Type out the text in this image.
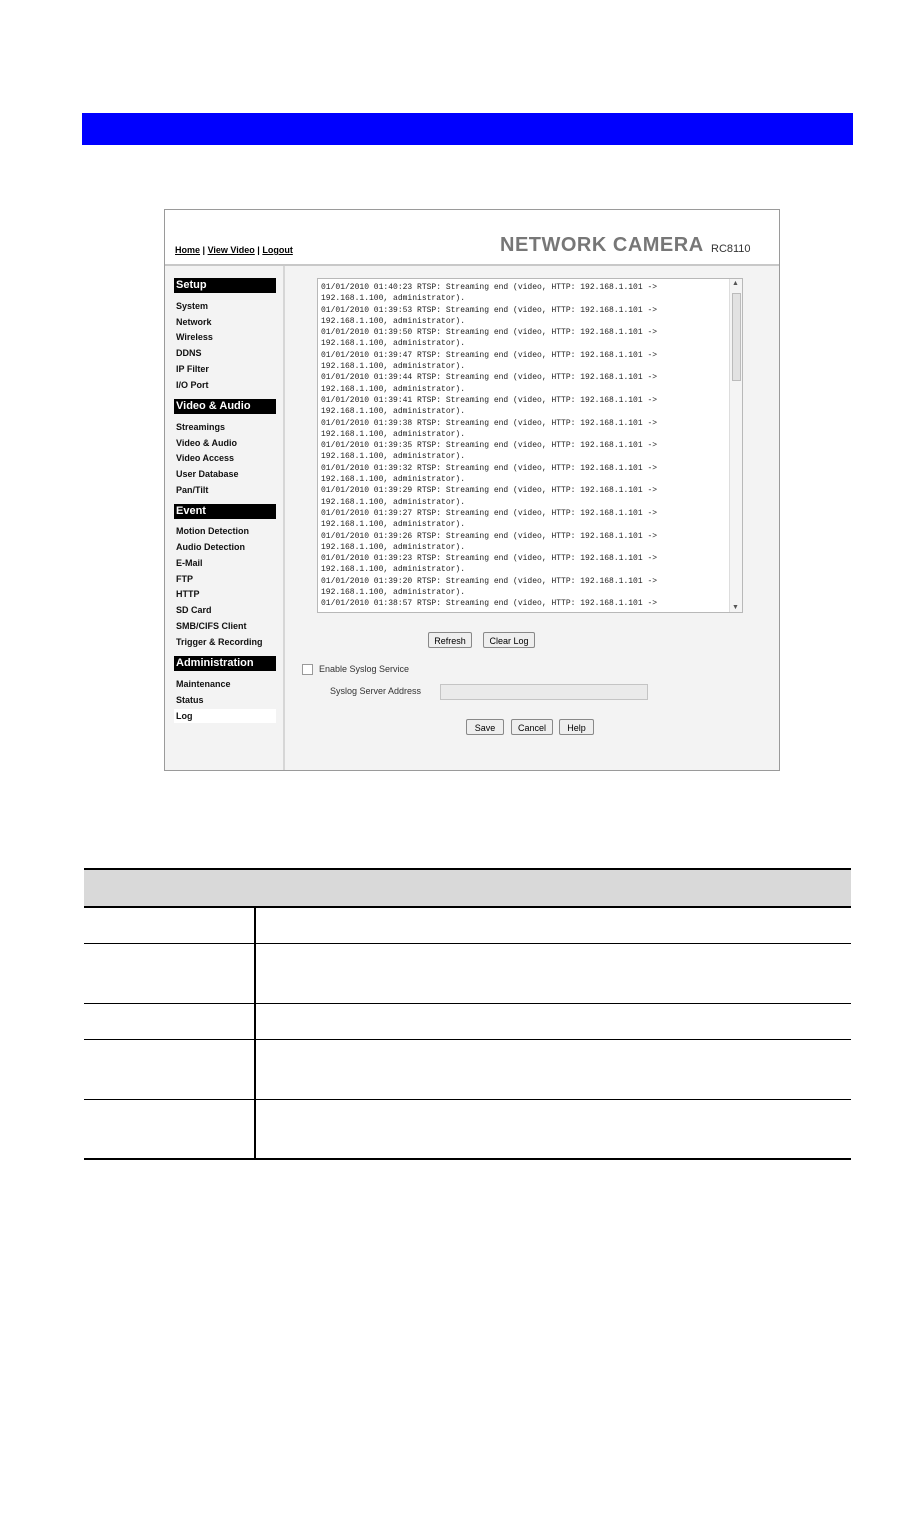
Home | View Video | Logout	NETWORK CAMERA RC8110
Setup
System
Network
Wireless
DDNS
IP Filter
I/O Port
Video & Audio
Streamings
Video & Audio
Video Access
User Database
Pan/Tilt
Event
Motion Detection
Audio Detection
E-Mail
FTP
HTTP
SD Card
SMB/CIFS Client
Trigger & Recording
Administration
Maintenance
Status
Log
01/01/2010 01:40:23 RTSP: Streaming end (video, HTTP: 192.168.1.101 ->
192.168.1.100, administrator).
01/01/2010 01:39:53 RTSP: Streaming end (video, HTTP: 192.168.1.101 ->
192.168.1.100, administrator).
01/01/2010 01:39:50 RTSP: Streaming end (video, HTTP: 192.168.1.101 ->
192.168.1.100, administrator).
01/01/2010 01:39:47 RTSP: Streaming end (video, HTTP: 192.168.1.101 ->
192.168.1.100, administrator).
01/01/2010 01:39:44 RTSP: Streaming end (video, HTTP: 192.168.1.101 ->
192.168.1.100, administrator).
01/01/2010 01:39:41 RTSP: Streaming end (video, HTTP: 192.168.1.101 ->
192.168.1.100, administrator).
01/01/2010 01:39:38 RTSP: Streaming end (video, HTTP: 192.168.1.101 ->
192.168.1.100, administrator).
01/01/2010 01:39:35 RTSP: Streaming end (video, HTTP: 192.168.1.101 ->
192.168.1.100, administrator).
01/01/2010 01:39:32 RTSP: Streaming end (video, HTTP: 192.168.1.101 ->
192.168.1.100, administrator).
01/01/2010 01:39:29 RTSP: Streaming end (video, HTTP: 192.168.1.101 ->
192.168.1.100, administrator).
01/01/2010 01:39:27 RTSP: Streaming end (video, HTTP: 192.168.1.101 ->
192.168.1.100, administrator).
01/01/2010 01:39:26 RTSP: Streaming end (video, HTTP: 192.168.1.101 ->
192.168.1.100, administrator).
01/01/2010 01:39:23 RTSP: Streaming end (video, HTTP: 192.168.1.101 ->
192.168.1.100, administrator).
01/01/2010 01:39:20 RTSP: Streaming end (video, HTTP: 192.168.1.101 ->
192.168.1.100, administrator).
01/01/2010 01:38:57 RTSP: Streaming end (video, HTTP: 192.168.1.101 ->
▲
▼
Refresh	Clear Log
Enable Syslog Service
Syslog Server Address
Save	Cancel	Help
